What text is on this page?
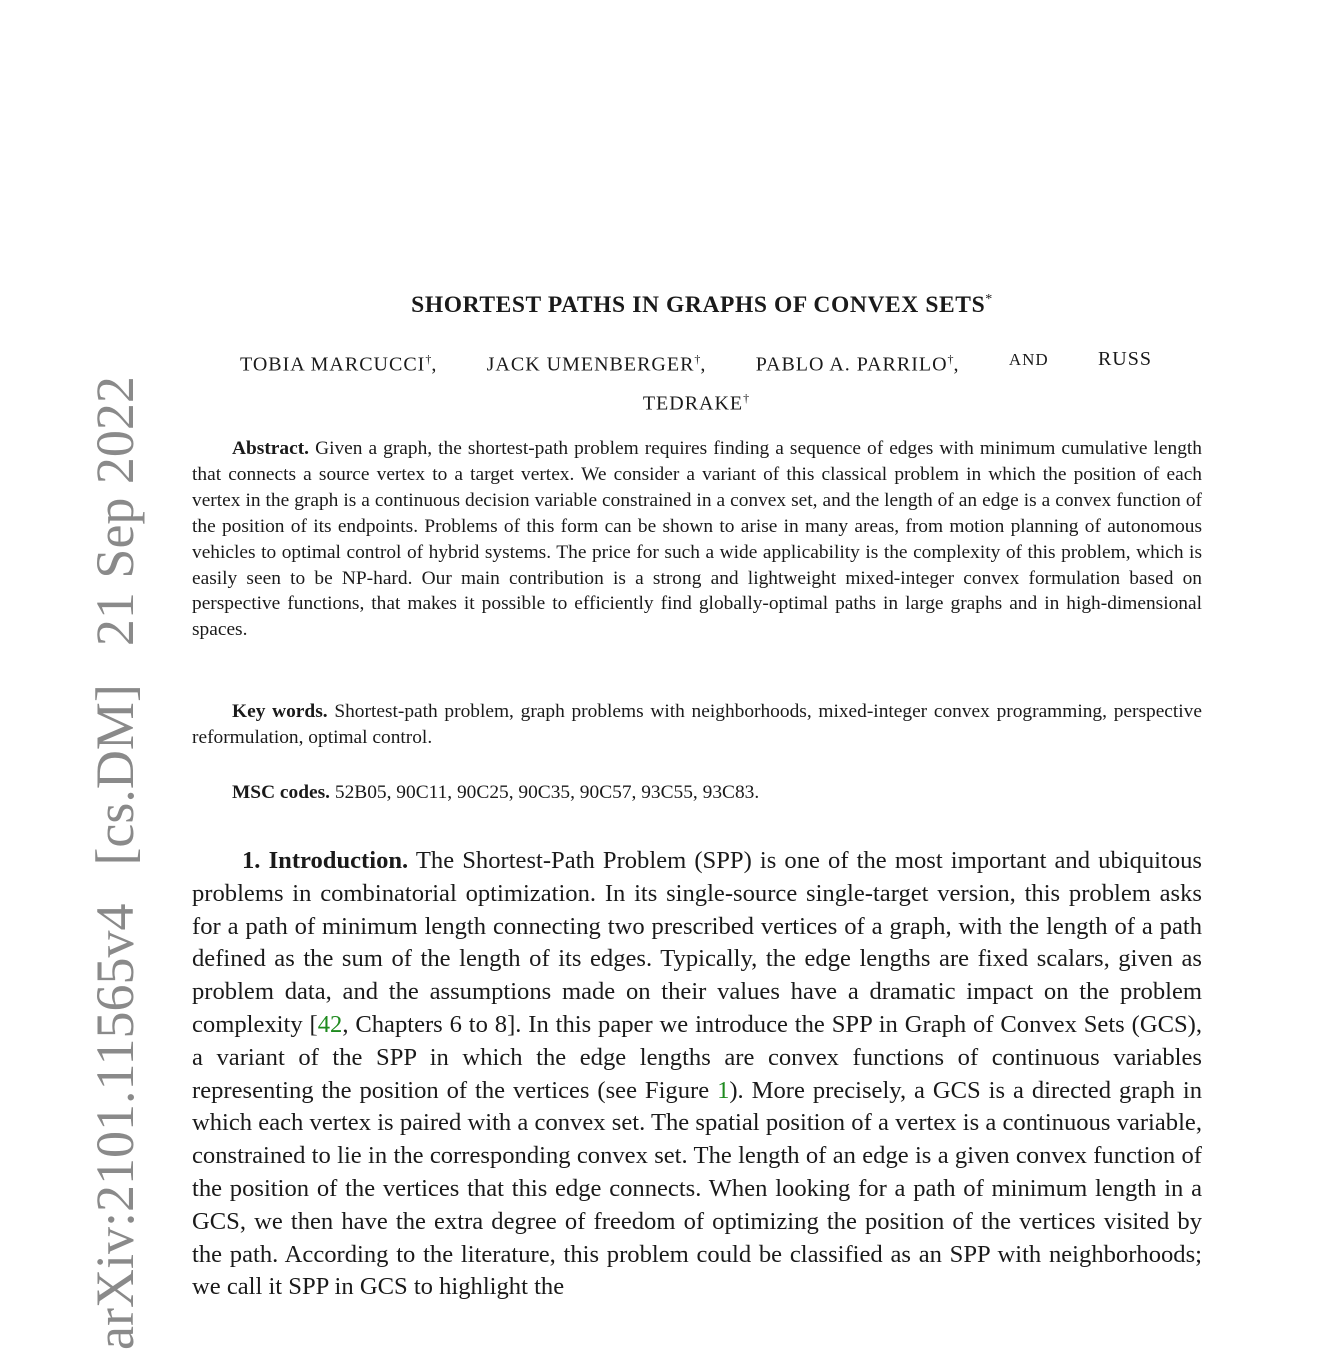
arXiv:2101.11565v4
[cs.DM]
21 Sep 2022
SHORTEST PATHS IN GRAPHS OF CONVEX SETS*
TOBIA MARCUCCI†, JACK UMENBERGER†, PABLO A. PARRILO†,	AND RUSS
TEDRAKE†
Abstract. Given a graph, the shortest-path problem requires finding a sequence of edges with minimum cumulative length that connects a source vertex to a target vertex. We consider a variant of this classical problem in which the position of each vertex in the graph is a continuous decision variable constrained in a convex set, and the length of an edge is a convex function of the position of its endpoints. Problems of this form can be shown to arise in many areas, from motion planning of autonomous vehicles to optimal control of hybrid systems. The price for such a wide applicability is the complexity of this problem, which is easily seen to be NP-hard. Our main contribution is a strong and lightweight mixed-integer convex formulation based on perspective functions, that makes it possible to efficiently find globally-optimal paths in large graphs and in high-dimensional spaces.
Key words. Shortest-path problem, graph problems with neighborhoods, mixed-integer convex programming, perspective reformulation, optimal control.
MSC codes. 52B05, 90C11, 90C25, 90C35, 90C57, 93C55, 93C83.
1. Introduction. The Shortest-Path Problem (SPP) is one of the most important and ubiquitous problems in combinatorial optimization. In its single-source single-target version, this problem asks for a path of minimum length connecting two prescribed vertices of a graph, with the length of a path defined as the sum of the length of its edges. Typically, the edge lengths are fixed scalars, given as problem data, and the assumptions made on their values have a dramatic impact on the problem complexity [42, Chapters 6 to 8]. In this paper we introduce the SPP in Graph of Convex Sets (GCS), a variant of the SPP in which the edge lengths are convex functions of continuous variables representing the position of the vertices (see Figure 1). More precisely, a GCS is a directed graph in which each vertex is paired with a convex set. The spatial position of a vertex is a continuous variable, constrained to lie in the corresponding convex set. The length of an edge is a given convex function of the position of the vertices that this edge connects. When looking for a path of minimum length in a GCS, we then have the extra degree of freedom of optimizing the position of the vertices visited by the path. According to the literature, this problem could be classified as an SPP with neighborhoods; we call it SPP in GCS to highlight the
